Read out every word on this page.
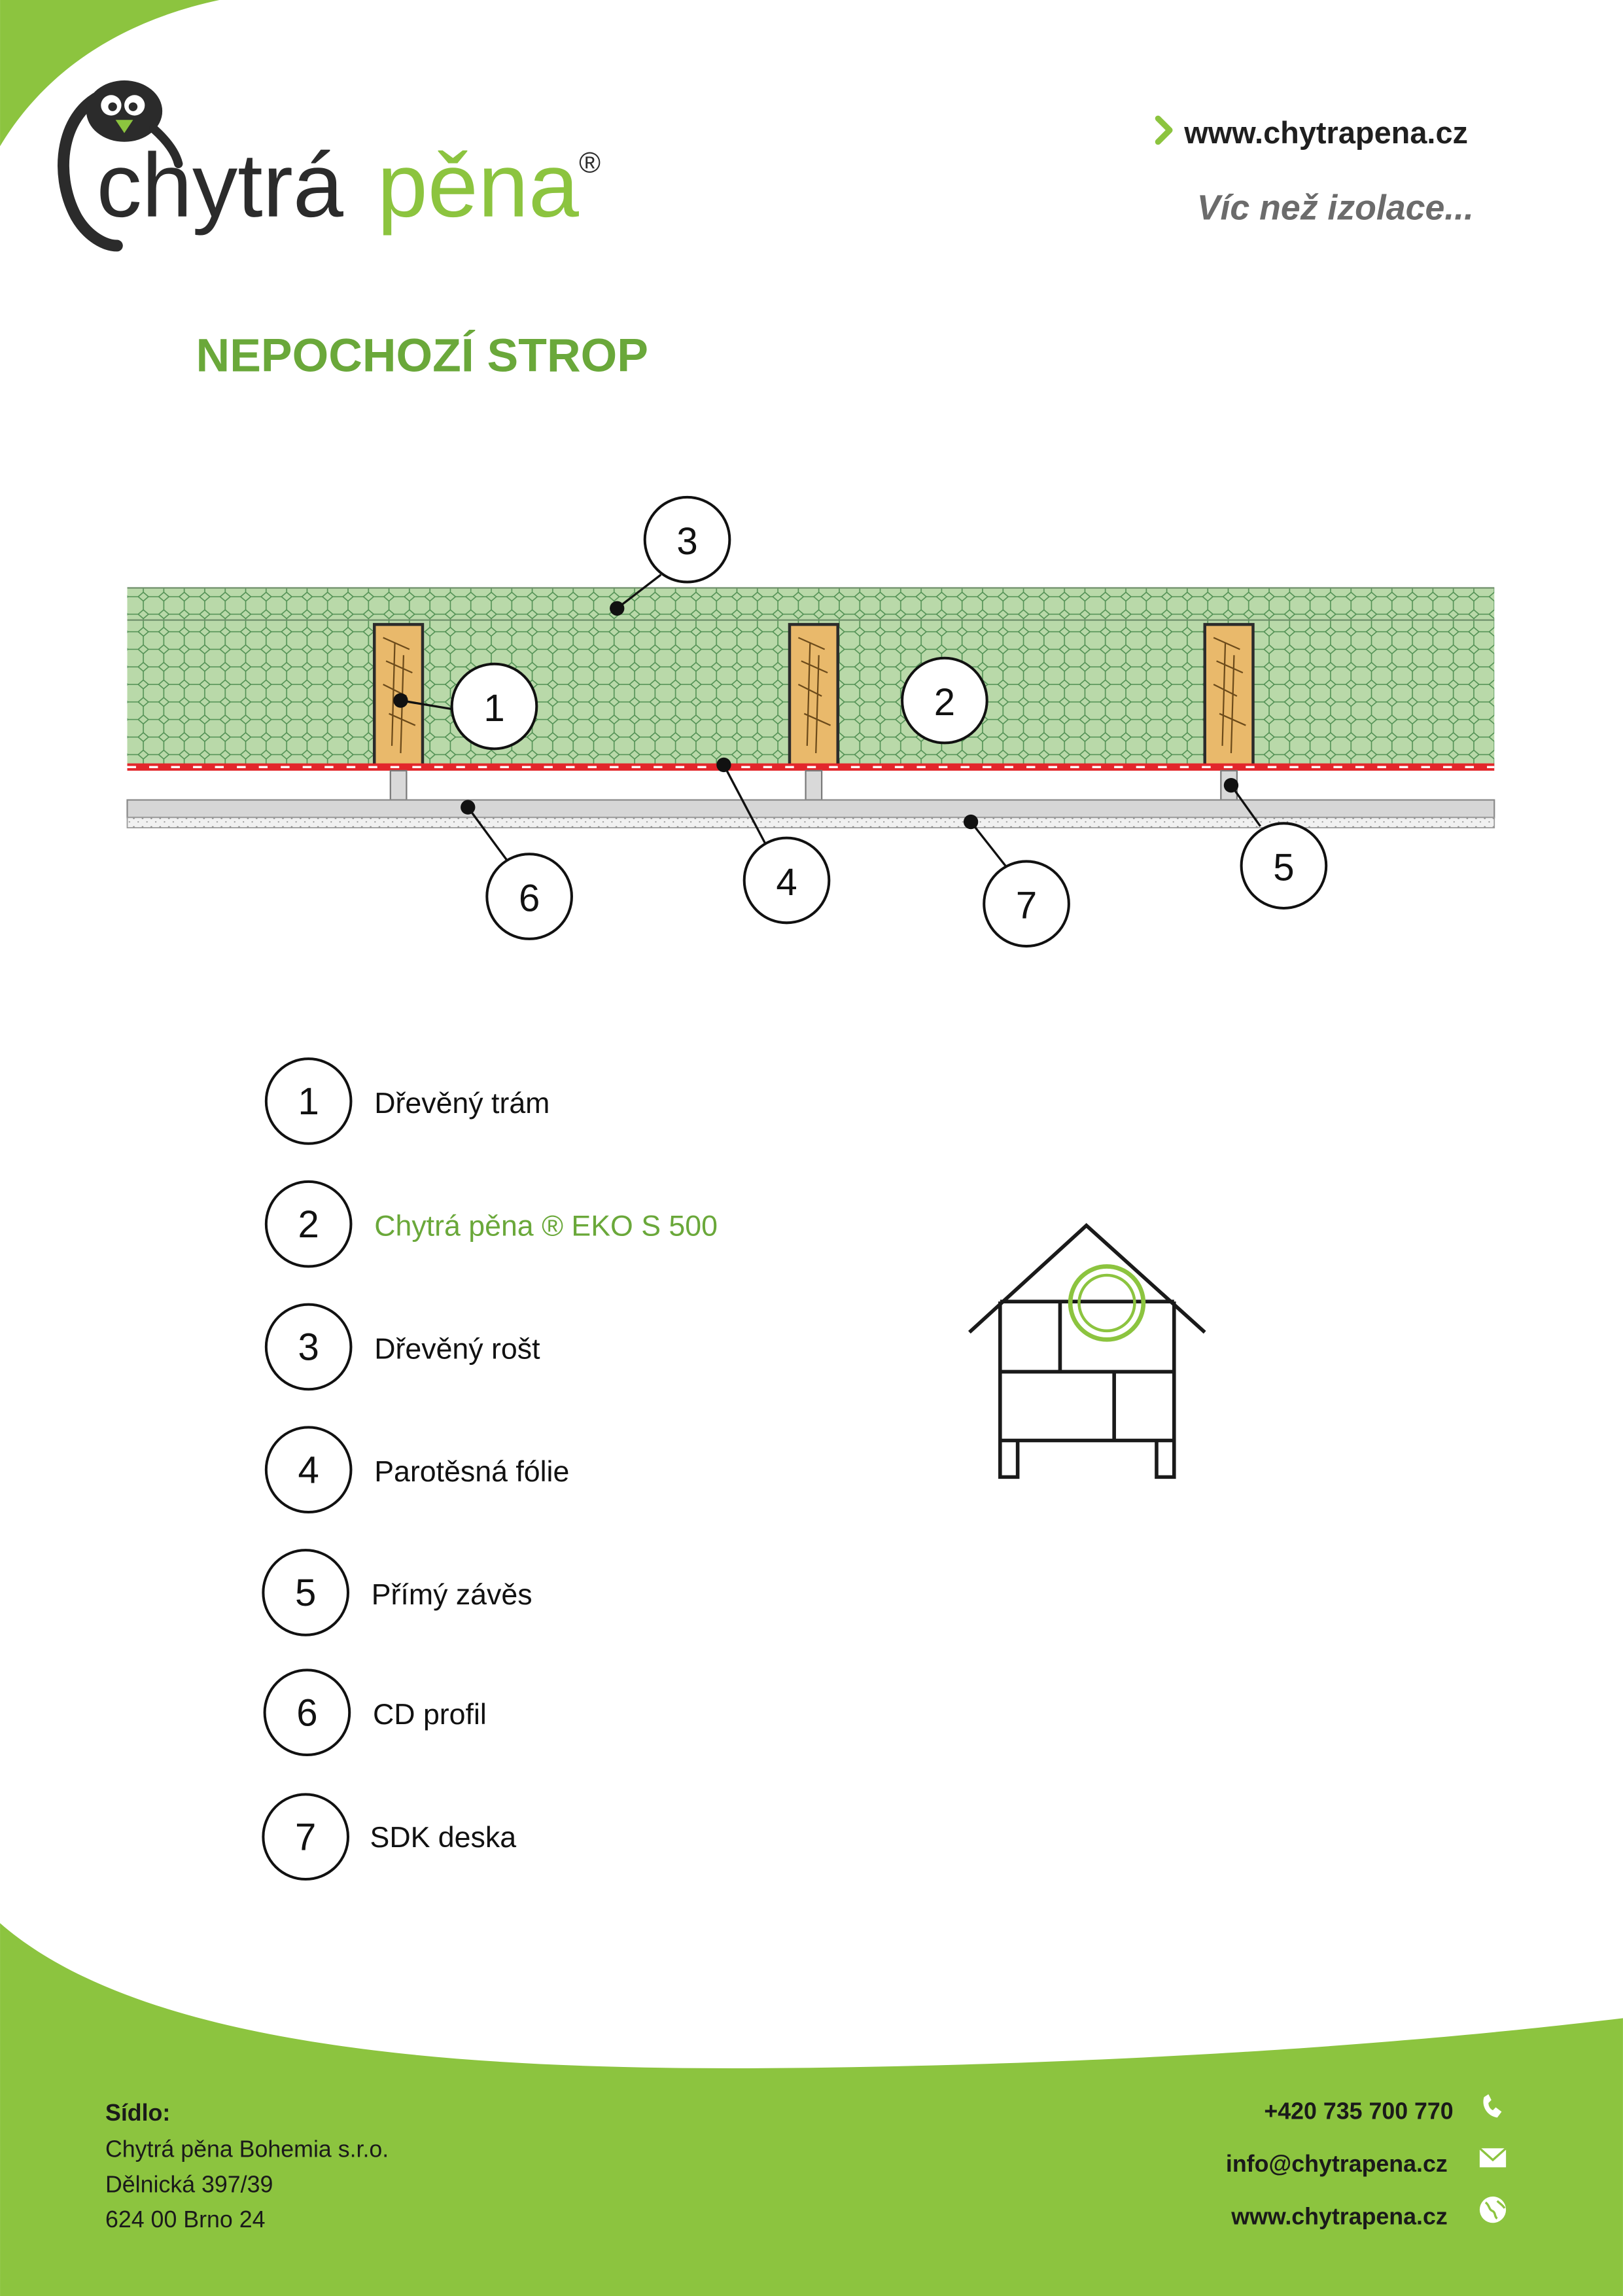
chytrá pěna ®
www.chytrapena.cz
Víc než izolace...
NEPOCHOZÍ STROP
1	2
3
4	5
6	7
1	Dřevěný trám
2	Chytrá pěna ® EKO S 500
3	Dřevěný rošt
4	Parotěsná fólie
5	Přímý závěs
6	CD profil
7	SDK deska
Sídlo:
Chytrá pěna Bohemia s.r.o.
Dělnická 397/39
624 00 Brno 24
+420 735 700 770
info@chytrapena.cz
www.chytrapena.cz
